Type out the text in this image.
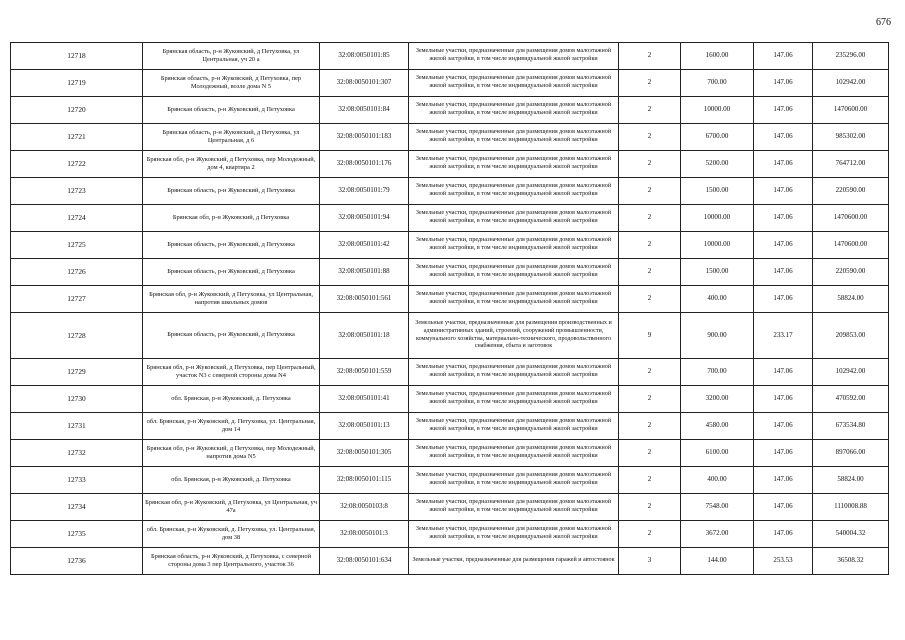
676
12718	Брянская область, р-н Жуковский, д Петуховка, ул Центральная, уч 20 а	32:08:0050101:85	Земельные участки, предназначенные для размещения домов малоэтажной жилой застройки, в том числе индивидуальной жилой застройки	2	1600.00	147.06	235296.00
12719	Брянская область, р-н Жуковский, д Петуховка, пер Молодежный, возле дома N 5	32:08:0050101:307	Земельные участки, предназначенные для размещения домов малоэтажной жилой застройки, в том числе индивидуальной жилой застройки	2	700.00	147.06	102942.00
12720	Брянская область, р-н Жуковский, д Петуховка	32:08:0050101:84	Земельные участки, предназначенные для размещения домов малоэтажной жилой застройки, в том числе индивидуальной жилой застройки	2	10000.00	147.06	1470600.00
12721	Брянская область, р-н Жуковский, д Петуховка, ул Центральная, д 6	32:08:0050101:183	Земельные участки, предназначенные для размещения домов малоэтажной жилой застройки, в том числе индивидуальной жилой застройки	2	6700.00	147.06	985302.00
12722	Брянская обл, р-н Жуковский, д Петуховка, пер Молодежный, дом 4, квартира 2	32:08:0050101:176	Земельные участки, предназначенные для размещения домов малоэтажной жилой застройки, в том числе индивидуальной жилой застройки	2	5200.00	147.06	764712.00
12723	Брянская область, р-н Жуковский, д Петуховка	32:08:0050101:79	Земельные участки, предназначенные для размещения домов малоэтажной жилой застройки, в том числе индивидуальной жилой застройки	2	1500.00	147.06	220590.00
12724	Брянская обл, р-н Жуковский, д Петуховка	32:08:0050101:94	Земельные участки, предназначенные для размещения домов малоэтажной жилой застройки, в том числе индивидуальной жилой застройки	2	10000.00	147.06	1470600.00
12725	Брянская область, р-н Жуковский, д Петуховка	32:08:0050101:42	Земельные участки, предназначенные для размещения домов малоэтажной жилой застройки, в том числе индивидуальной жилой застройки	2	10000.00	147.06	1470600.00
12726	Брянская область, р-н Жуковский, д Петуховка	32:08:0050101:88	Земельные участки, предназначенные для размещения домов малоэтажной жилой застройки, в том числе индивидуальной жилой застройки	2	1500.00	147.06	220590.00
12727	Брянская обл, р-н Жуковский, д Петуховка, ул Центральная, напротив школьных домов	32:08:0050101:561	Земельные участки, предназначенные для размещения домов малоэтажной жилой застройки, в том числе индивидуальной жилой застройки	2	400.00	147.06	58824.00
12728	Брянская область, р-н Жуковский, д Петуховка	32:08:0050101:18	Земельные участки, предназначенные для размещения производственных и административных зданий, строений, сооружений промышленности, коммунального хозяйства, материально-технического, продовольственного снабжения, сбыта и заготовок	9	900.00	233.17	209853.00
12729	Брянская обл, р-н Жуковский, д Петуховка, пер Центральный, участок N3 с северной стороны дома N4	32:08:0050101:559	Земельные участки, предназначенные для размещения домов малоэтажной жилой застройки, в том числе индивидуальной жилой застройки	2	700.00	147.06	102942.00
12730	обл. Брянская, р-н Жуковский, д. Петуховка	32:08:0050101:41	Земельные участки, предназначенные для размещения домов малоэтажной жилой застройки, в том числе индивидуальной жилой застройки	2	3200.00	147.06	470592.00
12731	обл. Брянская, р-н Жуковский, д. Петуховка, ул. Центральная, дом 14	32:08:0050101:13	Земельные участки, предназначенные для размещения домов малоэтажной жилой застройки, в том числе индивидуальной жилой застройки	2	4580.00	147.06	673534.80
12732	Брянская обл, р-н Жуковский, д Петуховка, пер Молодежный, напротив дома N5	32:08:0050101:305	Земельные участки, предназначенные для размещения домов малоэтажной жилой застройки, в том числе индивидуальной жилой застройки	2	6100.00	147.06	897066.00
12733	обл. Брянская, р-н Жуковский, д. Петуховка	32:08:0050101:115	Земельные участки, предназначенные для размещения домов малоэтажной жилой застройки, в том числе индивидуальной жилой застройки	2	400.00	147.06	58824.00
12734	Брянская обл, р-н Жуковский, д Петуховка, ул Центральная, уч 47а	32:08:0050103:8	Земельные участки, предназначенные для размещения домов малоэтажной жилой застройки, в том числе индивидуальной жилой застройки	2	7548.00	147.06	1110008.88
12735	обл. Брянская, р-н Жуковский, д. Петуховка, ул. Центральная, дом 38	32:08:0050101:3	Земельные участки, предназначенные для размещения домов малоэтажной жилой застройки, в том числе индивидуальной жилой застройки	2	3672.00	147.06	540004.32
12736	Брянская область, р-н Жуковский, д Петуховка, с северной стороны дома 3 пер Центрального, участок 36	32:08:0050101:634	Земельные участки, предназначенные для размещения гаражей и автостоянок	3	144.00	253.53	36508.32
